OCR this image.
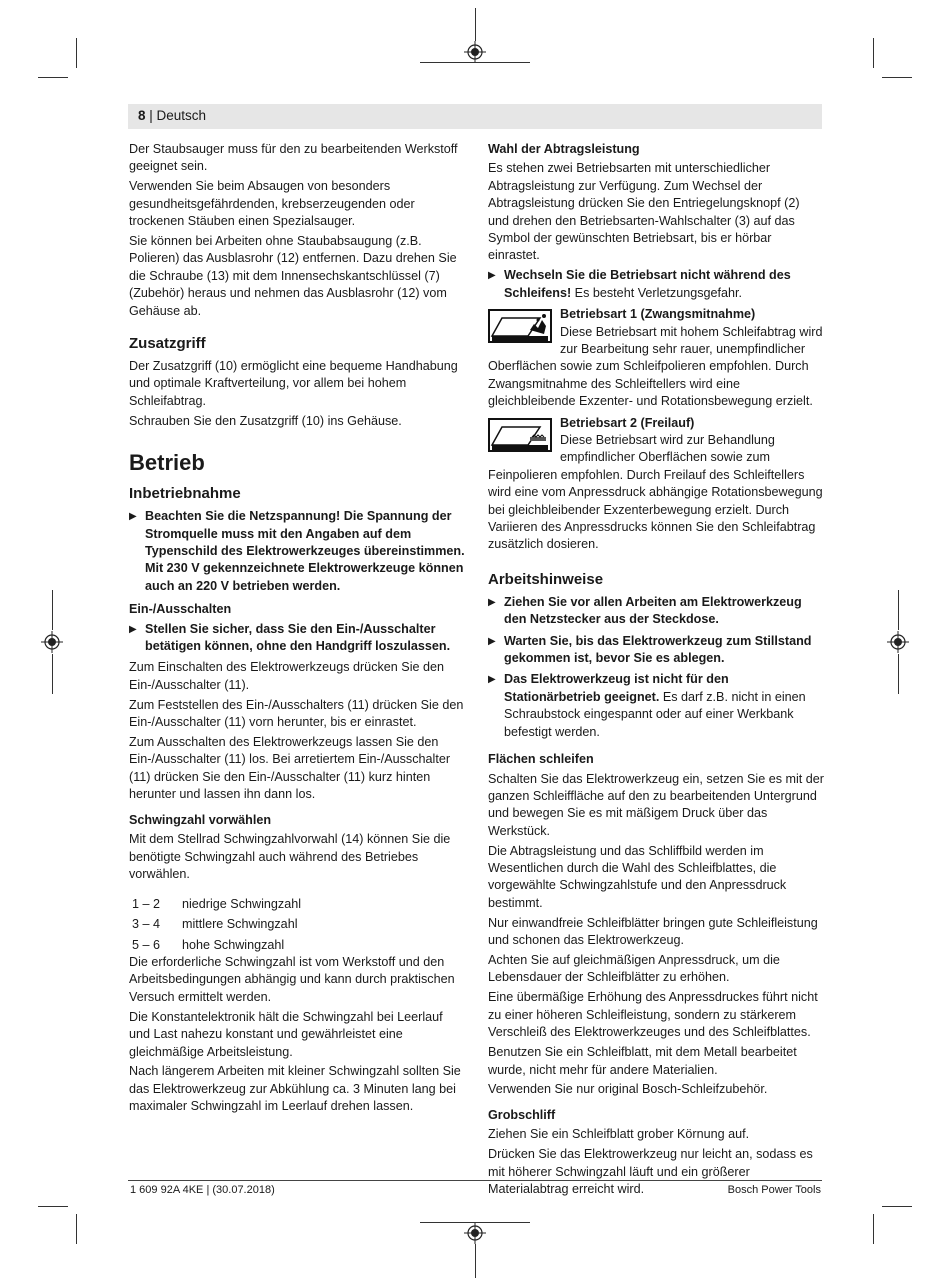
8 | Deutsch

Der Staubsauger muss für den zu bearbeitenden Werkstoff geeignet sein.

Verwenden Sie beim Absaugen von besonders gesundheitsgefährdenden, krebserzeugenden oder trockenen Stäuben einen Spezialsauger.

Sie können bei Arbeiten ohne Staubabsaugung (z.B. Polieren) das Ausblasrohr (12) entfernen. Dazu drehen Sie die Schraube (13) mit dem Innensechskantschlüssel (7) (Zubehör) heraus und nehmen das Ausblasrohr (12) vom Gehäuse ab.

Zusatzgriff

Der Zusatzgriff (10) ermöglicht eine bequeme Handhabung und optimale Kraftverteilung, vor allem bei hohem Schleifabtrag.

Schrauben Sie den Zusatzgriff (10) ins Gehäuse.

Betrieb
Inbetriebnahme
▶ Beachten Sie die Netzspannung! Die Spannung der Stromquelle muss mit den Angaben auf dem Typenschild des Elektrowerkzeuges übereinstimmen. Mit 230 V gekennzeichnete Elektrowerkzeuge können auch an 220 V betrieben werden.
Ein-/Ausschalten
▶ Stellen Sie sicher, dass Sie den Ein-/Ausschalter betätigen können, ohne den Handgriff loszulassen.

Zum Einschalten des Elektrowerkzeugs drücken Sie den Ein-/Ausschalter (11).

Zum Feststellen des Ein-/Ausschalters (11) drücken Sie den Ein-/Ausschalter (11) vorn herunter, bis er einrastet.

Zum Ausschalten des Elektrowerkzeugs lassen Sie den Ein-/Ausschalter (11) los. Bei arretiertem Ein-/Ausschalter (11) drücken Sie den Ein-/Ausschalter (11) kurz hinten herunter und lassen ihn dann los.

Schwingzahl vorwählen

Mit dem Stellrad Schwingzahlvorwahl (14) können Sie die benötigte Schwingzahl auch während des Betriebes vorwählen.

1 – 2	niedrige Schwingzahl
3 – 4	mittlere Schwingzahl
5 – 6	hohe Schwingzahl

Die erforderliche Schwingzahl ist vom Werkstoff und den Arbeitsbedingungen abhängig und kann durch praktischen Versuch ermittelt werden.

Die Konstantelektronik hält die Schwingzahl bei Leerlauf und Last nahezu konstant und gewährleistet eine gleichmäßige Arbeitsleistung.

Nach längerem Arbeiten mit kleiner Schwingzahl sollten Sie das Elektrowerkzeug zur Abkühlung ca. 3 Minuten lang bei maximaler Schwingzahl im Leerlauf drehen lassen.

Wahl der Abtragsleistung

Es stehen zwei Betriebsarten mit unterschiedlicher Abtragsleistung zur Verfügung. Zum Wechsel der Abtragsleistung drücken Sie den Entriegelungsknopf (2) und drehen den Betriebsarten-Wahlschalter (3) auf das Symbol der gewünschten Betriebsart, bis er hörbar einrastet.

▶ Wechseln Sie die Betriebsart nicht während des Schleifens! Es besteht Verletzungsgefahr.
Betriebsart 1 (Zwangsmitnahme)
Diese Betriebsart mit hohem Schleifabtrag wird zur Bearbeitung sehr rauer, unempfindlicher Oberflächen sowie zum Schleifpolieren empfohlen. Durch Zwangsmitnahme des Schleiftellers wird eine gleichbleibende Exzenter- und Rotationsbewegung erzielt.
Betriebsart 2 (Freilauf)
Diese Betriebsart wird zur Behandlung empfindlicher Oberflächen sowie zum Feinpolieren empfohlen. Durch Freilauf des Schleiftellers wird eine vom Anpressdruck abhängige Rotationsbewegung bei gleichbleibender Exzenterbewegung erzielt. Durch Variieren des Anpressdrucks können Sie den Schleifabtrag zusätzlich dosieren.
Arbeitshinweise
▶ Ziehen Sie vor allen Arbeiten am Elektrowerkzeug den Netzstecker aus der Steckdose.
▶ Warten Sie, bis das Elektrowerkzeug zum Stillstand gekommen ist, bevor Sie es ablegen.
▶ Das Elektrowerkzeug ist nicht für den Stationärbetrieb geeignet. Es darf z.B. nicht in einen Schraubstock eingespannt oder auf einer Werkbank befestigt werden.
Flächen schleifen

Schalten Sie das Elektrowerkzeug ein, setzen Sie es mit der ganzen Schleiffläche auf den zu bearbeitenden Untergrund und bewegen Sie es mit mäßigem Druck über das Werkstück.

Die Abtragsleistung und das Schliffbild werden im Wesentlichen durch die Wahl des Schleifblattes, die vorgewählte Schwingzahlstufe und den Anpressdruck bestimmt.

Nur einwandfreie Schleifblätter bringen gute Schleifleistung und schonen das Elektrowerkzeug.

Achten Sie auf gleichmäßigen Anpressdruck, um die Lebensdauer der Schleifblätter zu erhöhen.

Eine übermäßige Erhöhung des Anpressdruckes führt nicht zu einer höheren Schleifleistung, sondern zu stärkerem Verschleiß des Elektrowerkzeuges und des Schleifblattes.

Benutzen Sie ein Schleifblatt, mit dem Metall bearbeitet wurde, nicht mehr für andere Materialien.

Verwenden Sie nur original Bosch-Schleifzubehör.

Grobschliff

Ziehen Sie ein Schleifblatt grober Körnung auf.

Drücken Sie das Elektrowerkzeug nur leicht an, sodass es mit höherer Schwingzahl läuft und ein größerer Materialabtrag erreicht wird.

1 609 92A 4KE | (30.07.2018)	Bosch Power Tools
